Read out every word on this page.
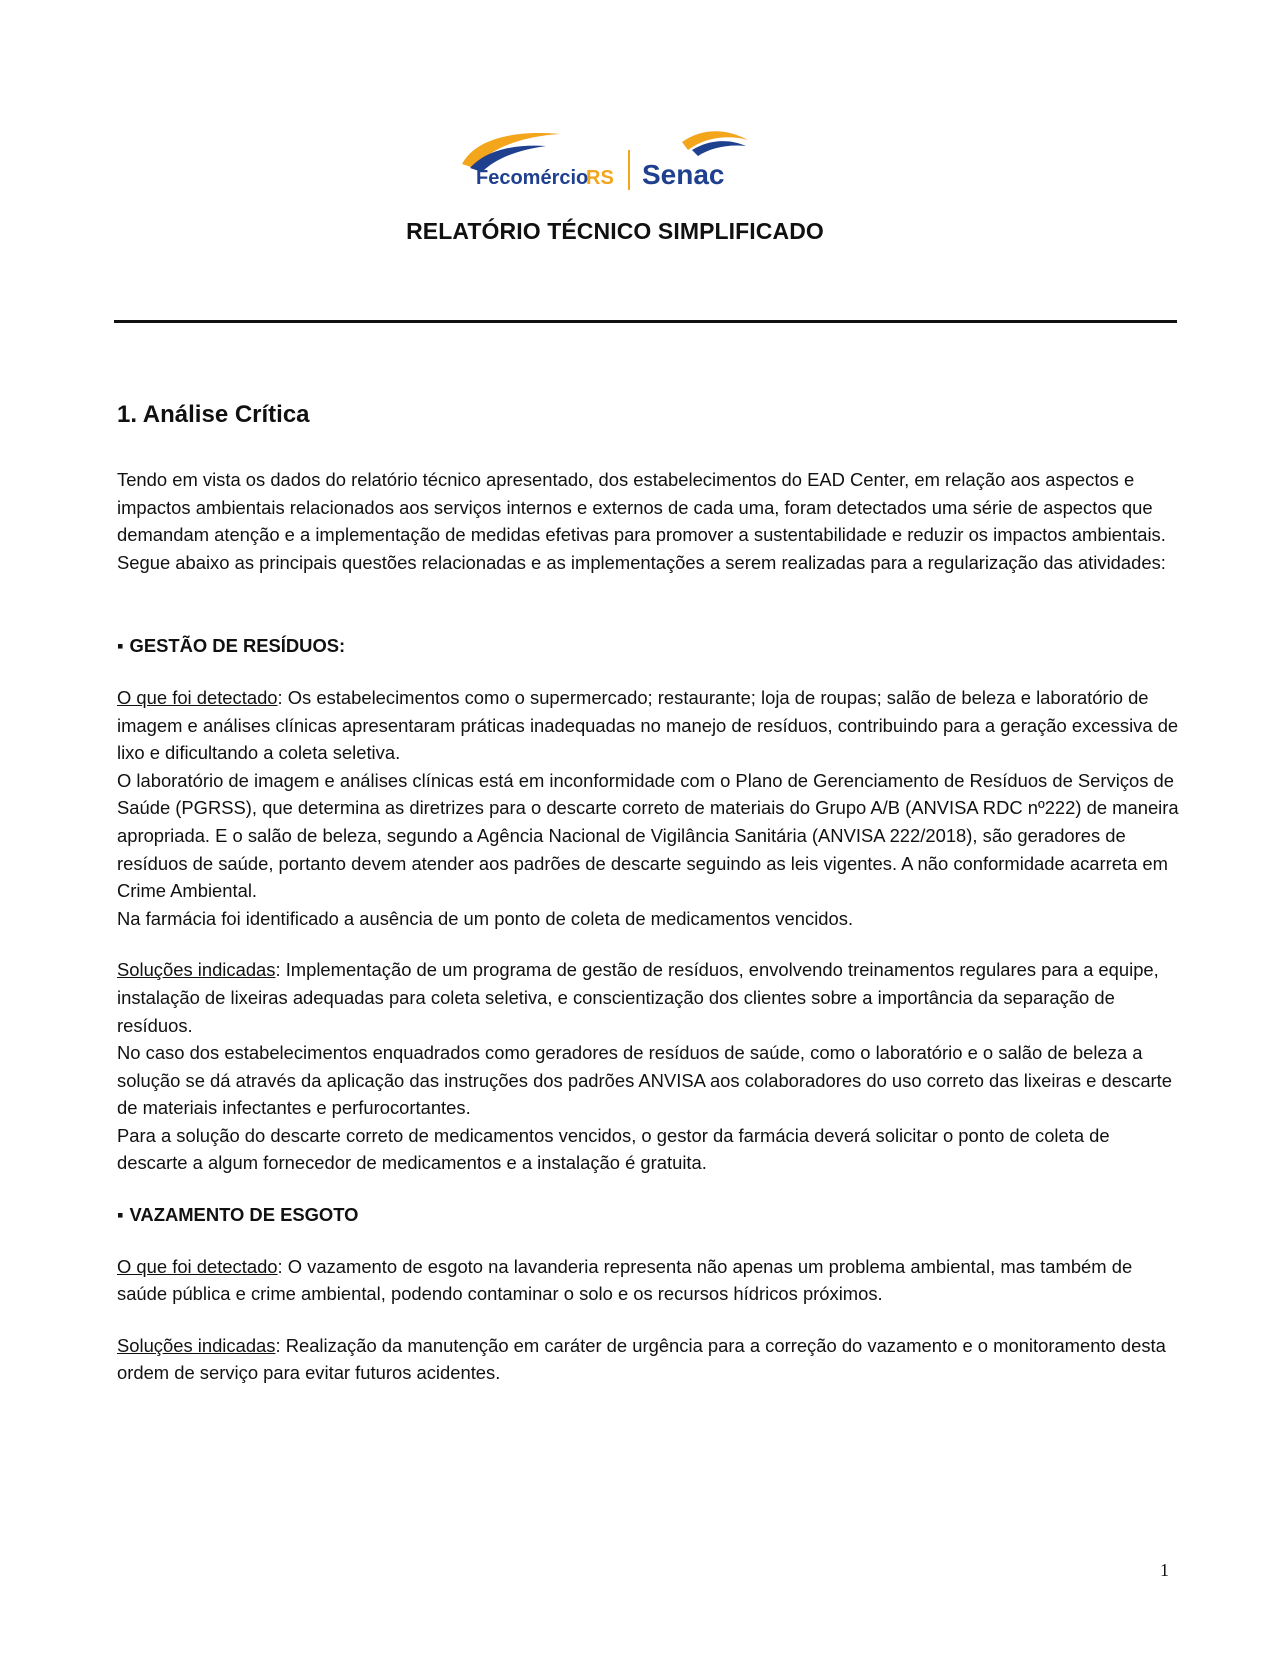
Fecomércio
RS Senac
RELATÓRIO TÉCNICO SIMPLIFICADO
1. Análise Crítica

Tendo em vista os dados do relatório técnico apresentado, dos estabelecimentos do EAD Center, em relação aos aspectos e impactos ambientais relacionados aos serviços internos e externos de cada uma, foram detectados uma série de aspectos que demandam atenção e a implementação de medidas efetivas para promover a sustentabilidade e reduzir os impactos ambientais.

Segue abaixo as principais questões relacionadas e as implementações a serem realizadas para a regularização das atividades:

▪ GESTÃO DE RESÍDUOS:

O que foi detectado: Os estabelecimentos como o supermercado; restaurante; loja de roupas; salão de beleza e laboratório de imagem e análises clínicas apresentaram práticas inadequadas no manejo de resíduos, contribuindo para a geração excessiva de lixo e dificultando a coleta seletiva.

O laboratório de imagem e análises clínicas está em inconformidade com o Plano de Gerenciamento de Resíduos de Serviços de Saúde (PGRSS), que determina as diretrizes para o descarte correto de materiais do Grupo A/B (ANVISA RDC nº222) de maneira apropriada. E o salão de beleza, segundo a Agência Nacional de Vigilância Sanitária (ANVISA 222/2018), são geradores de resíduos de saúde, portanto devem atender aos padrões de descarte seguindo as leis vigentes. A não conformidade acarreta em Crime Ambiental.

Na farmácia foi identificado a ausência de um ponto de coleta de medicamentos vencidos.

Soluções indicadas: Implementação de um programa de gestão de resíduos, envolvendo treinamentos regulares para a equipe, instalação de lixeiras adequadas para coleta seletiva, e conscientização dos clientes sobre a importância da separação de resíduos.

No caso dos estabelecimentos enquadrados como geradores de resíduos de saúde, como o laboratório e o salão de beleza a solução se dá através da aplicação das instruções dos padrões ANVISA aos colaboradores do uso correto das lixeiras e descarte de materiais infectantes e perfurocortantes.

Para a solução do descarte correto de medicamentos vencidos, o gestor da farmácia deverá solicitar o ponto de coleta de descarte a algum fornecedor de medicamentos e a instalação é gratuita.

▪ VAZAMENTO DE ESGOTO

O que foi detectado: O vazamento de esgoto na lavanderia representa não apenas um problema ambiental, mas também de saúde pública e crime ambiental, podendo contaminar o solo e os recursos hídricos próximos.

Soluções indicadas: Realização da manutenção em caráter de urgência para a correção do vazamento e o monitoramento desta ordem de serviço para evitar futuros acidentes.

1
